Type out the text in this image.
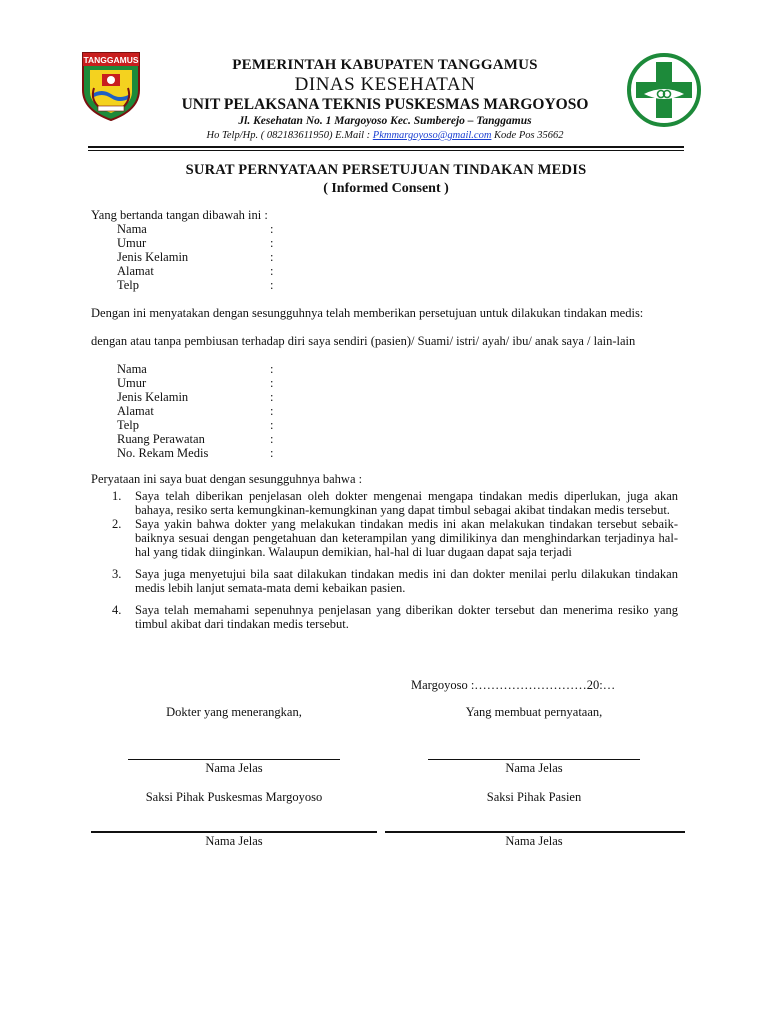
TANGGAMUS	PEMERINTAH KABUPATEN TANGGAMUS
DINAS KESEHATAN
UNIT PELAKSANA TEKNIS PUSKESMAS MARGOYOSO
Jl. Kesehatan No. 1 Margoyoso Kec. Sumberejo – Tanggamus
Ho Telp/Hp. ( 082183611950) E.Mail : Pkmmargoyoso@gmail.com Kode Pos 35662
SURAT PERNYATAAN PERSETUJUAN TINDAKAN MEDIS
( Informed Consent )
Yang bertanda tangan dibawah ini :
Nama	:
Umur	:
Jenis Kelamin	:
Alamat	:
Telp	:
Dengan ini menyatakan dengan sesungguhnya telah memberikan persetujuan untuk dilakukan tindakan medis:
dengan atau tanpa pembiusan terhadap diri saya sendiri (pasien)/ Suami/ istri/ ayah/ ibu/ anak saya / lain-lain
Nama	:
Umur	:
Jenis Kelamin	:
Alamat	:
Telp	:
Ruang Perawatan	:
No. Rekam Medis	:
Peryataan ini saya buat dengan sesungguhnya bahwa :
1. Saya telah diberikan penjelasan oleh dokter mengenai mengapa tindakan medis diperlukan, juga akan bahaya, resiko serta kemungkinan-kemungkinan yang dapat timbul sebagai akibat tindakan medis tersebut.
2. Saya yakin bahwa dokter yang melakukan tindakan medis ini akan melakukan tindakan tersebut sebaik-baiknya sesuai dengan pengetahuan dan keterampilan yang dimilikinya dan menghindarkan terjadinya hal-hal yang tidak diinginkan. Walaupun demikian, hal-hal di luar dugaan dapat saja terjadi
3. Saya juga menyetujui bila saat dilakukan tindakan medis ini dan dokter menilai perlu dilakukan tindakan medis lebih lanjut semata-mata demi kebaikan pasien.
4. Saya telah memahami sepenuhnya penjelasan yang diberikan dokter tersebut dan menerima resiko yang timbul akibat dari tindakan medis tersebut.
Margoyoso :………………………20:…
Dokter yang menerangkan,	Yang membuat pernyataan,
Nama Jelas	Nama Jelas
Saksi Pihak Puskesmas Margoyoso	Saksi Pihak Pasien
Nama Jelas	Nama Jelas
